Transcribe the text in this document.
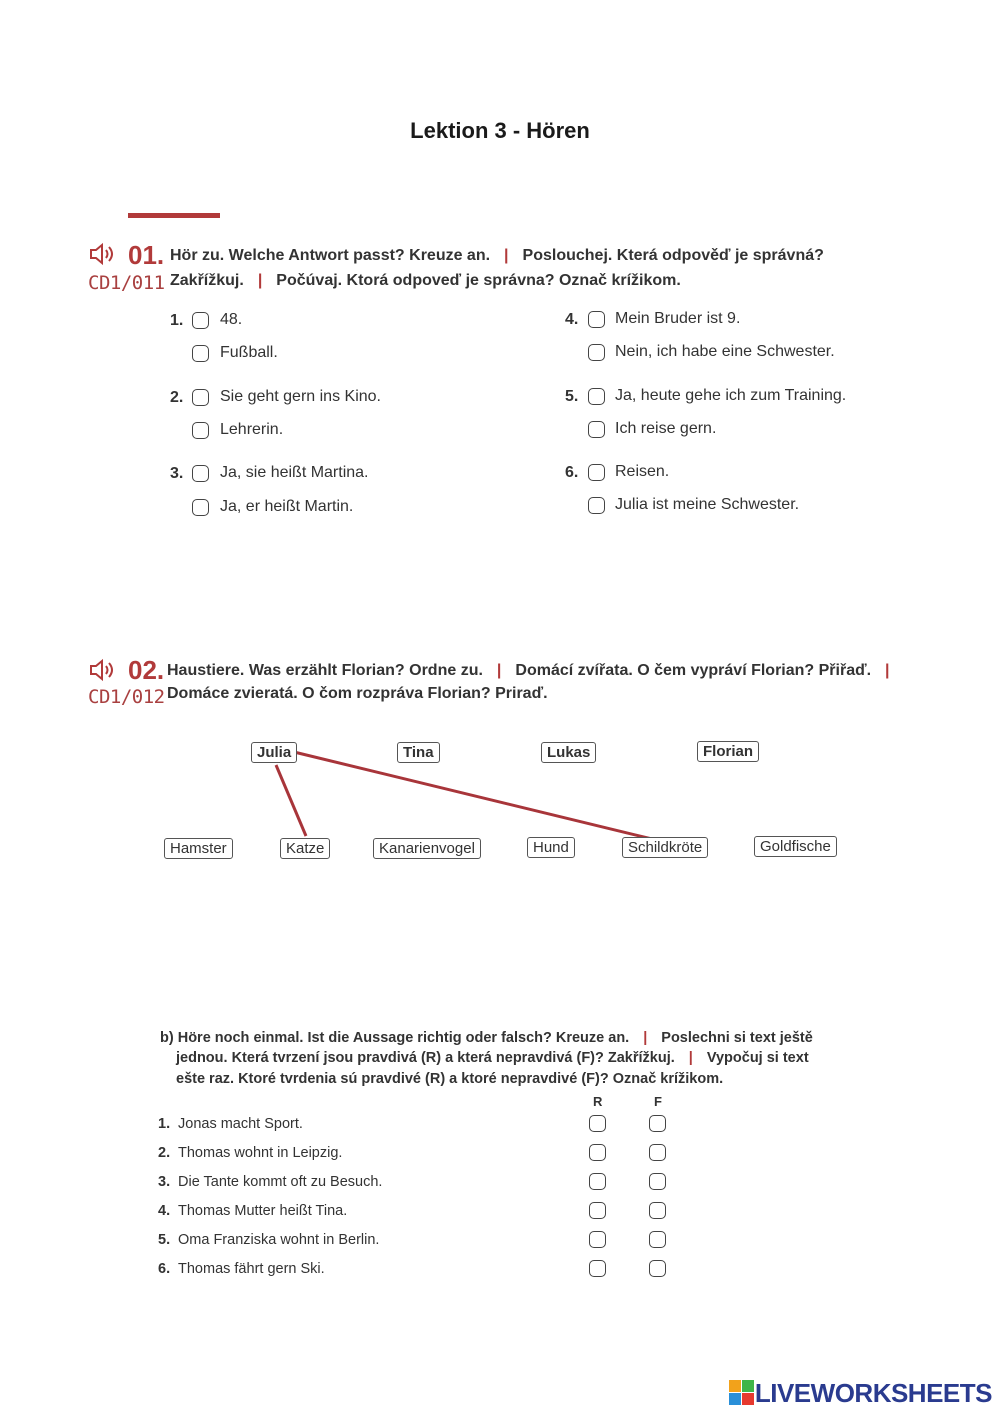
Lektion 3 - Hören
01.
CD1/011
Hör zu. Welche Antwort passt? Kreuze an. | Poslouchej. Která odpověď je správná?
Zakřížkuj. | Počúvaj. Ktorá odpoveď je správna? Označ krížikom.
1. 48.
Fußball.
2. Sie geht gern ins Kino.
Lehrerin.
3. Ja, sie heißt Martina.
Ja, er heißt Martin.
4. Mein Bruder ist 9.
Nein, ich habe eine Schwester.
5. Ja, heute gehe ich zum Training.
Ich reise gern.
6. Reisen.
Julia ist meine Schwester.
02.
CD1/012
Haustiere. Was erzählt Florian? Ordne zu. | Domácí zvířata. O čem vypráví Florian? Přiřaď. |
Domáce zvieratá. O čom rozpráva Florian? Priraď.
Julia	Tina	Lukas	Florian
Hamster	Katze	Kanarienvogel	Hund	Schildkröte	Goldfische
b) Höre noch einmal. Ist die Aussage richtig oder falsch? Kreuze an. | Poslechni si text ještě
jednou. Která tvrzení jsou pravdivá (R) a která nepravdivá (F)? Zakřížkuj. | Vypočuj si text
ešte raz. Ktoré tvrdenia sú pravdivé (R) a ktoré nepravdivé (F)? Označ krížikom.
R	F
1. Jonas macht Sport.
2. Thomas wohnt in Leipzig.
3. Die Tante kommt oft zu Besuch.
4. Thomas Mutter heißt Tina.
5. Oma Franziska wohnt in Berlin.
6. Thomas fährt gern Ski.
LIVEWORKSHEETS
